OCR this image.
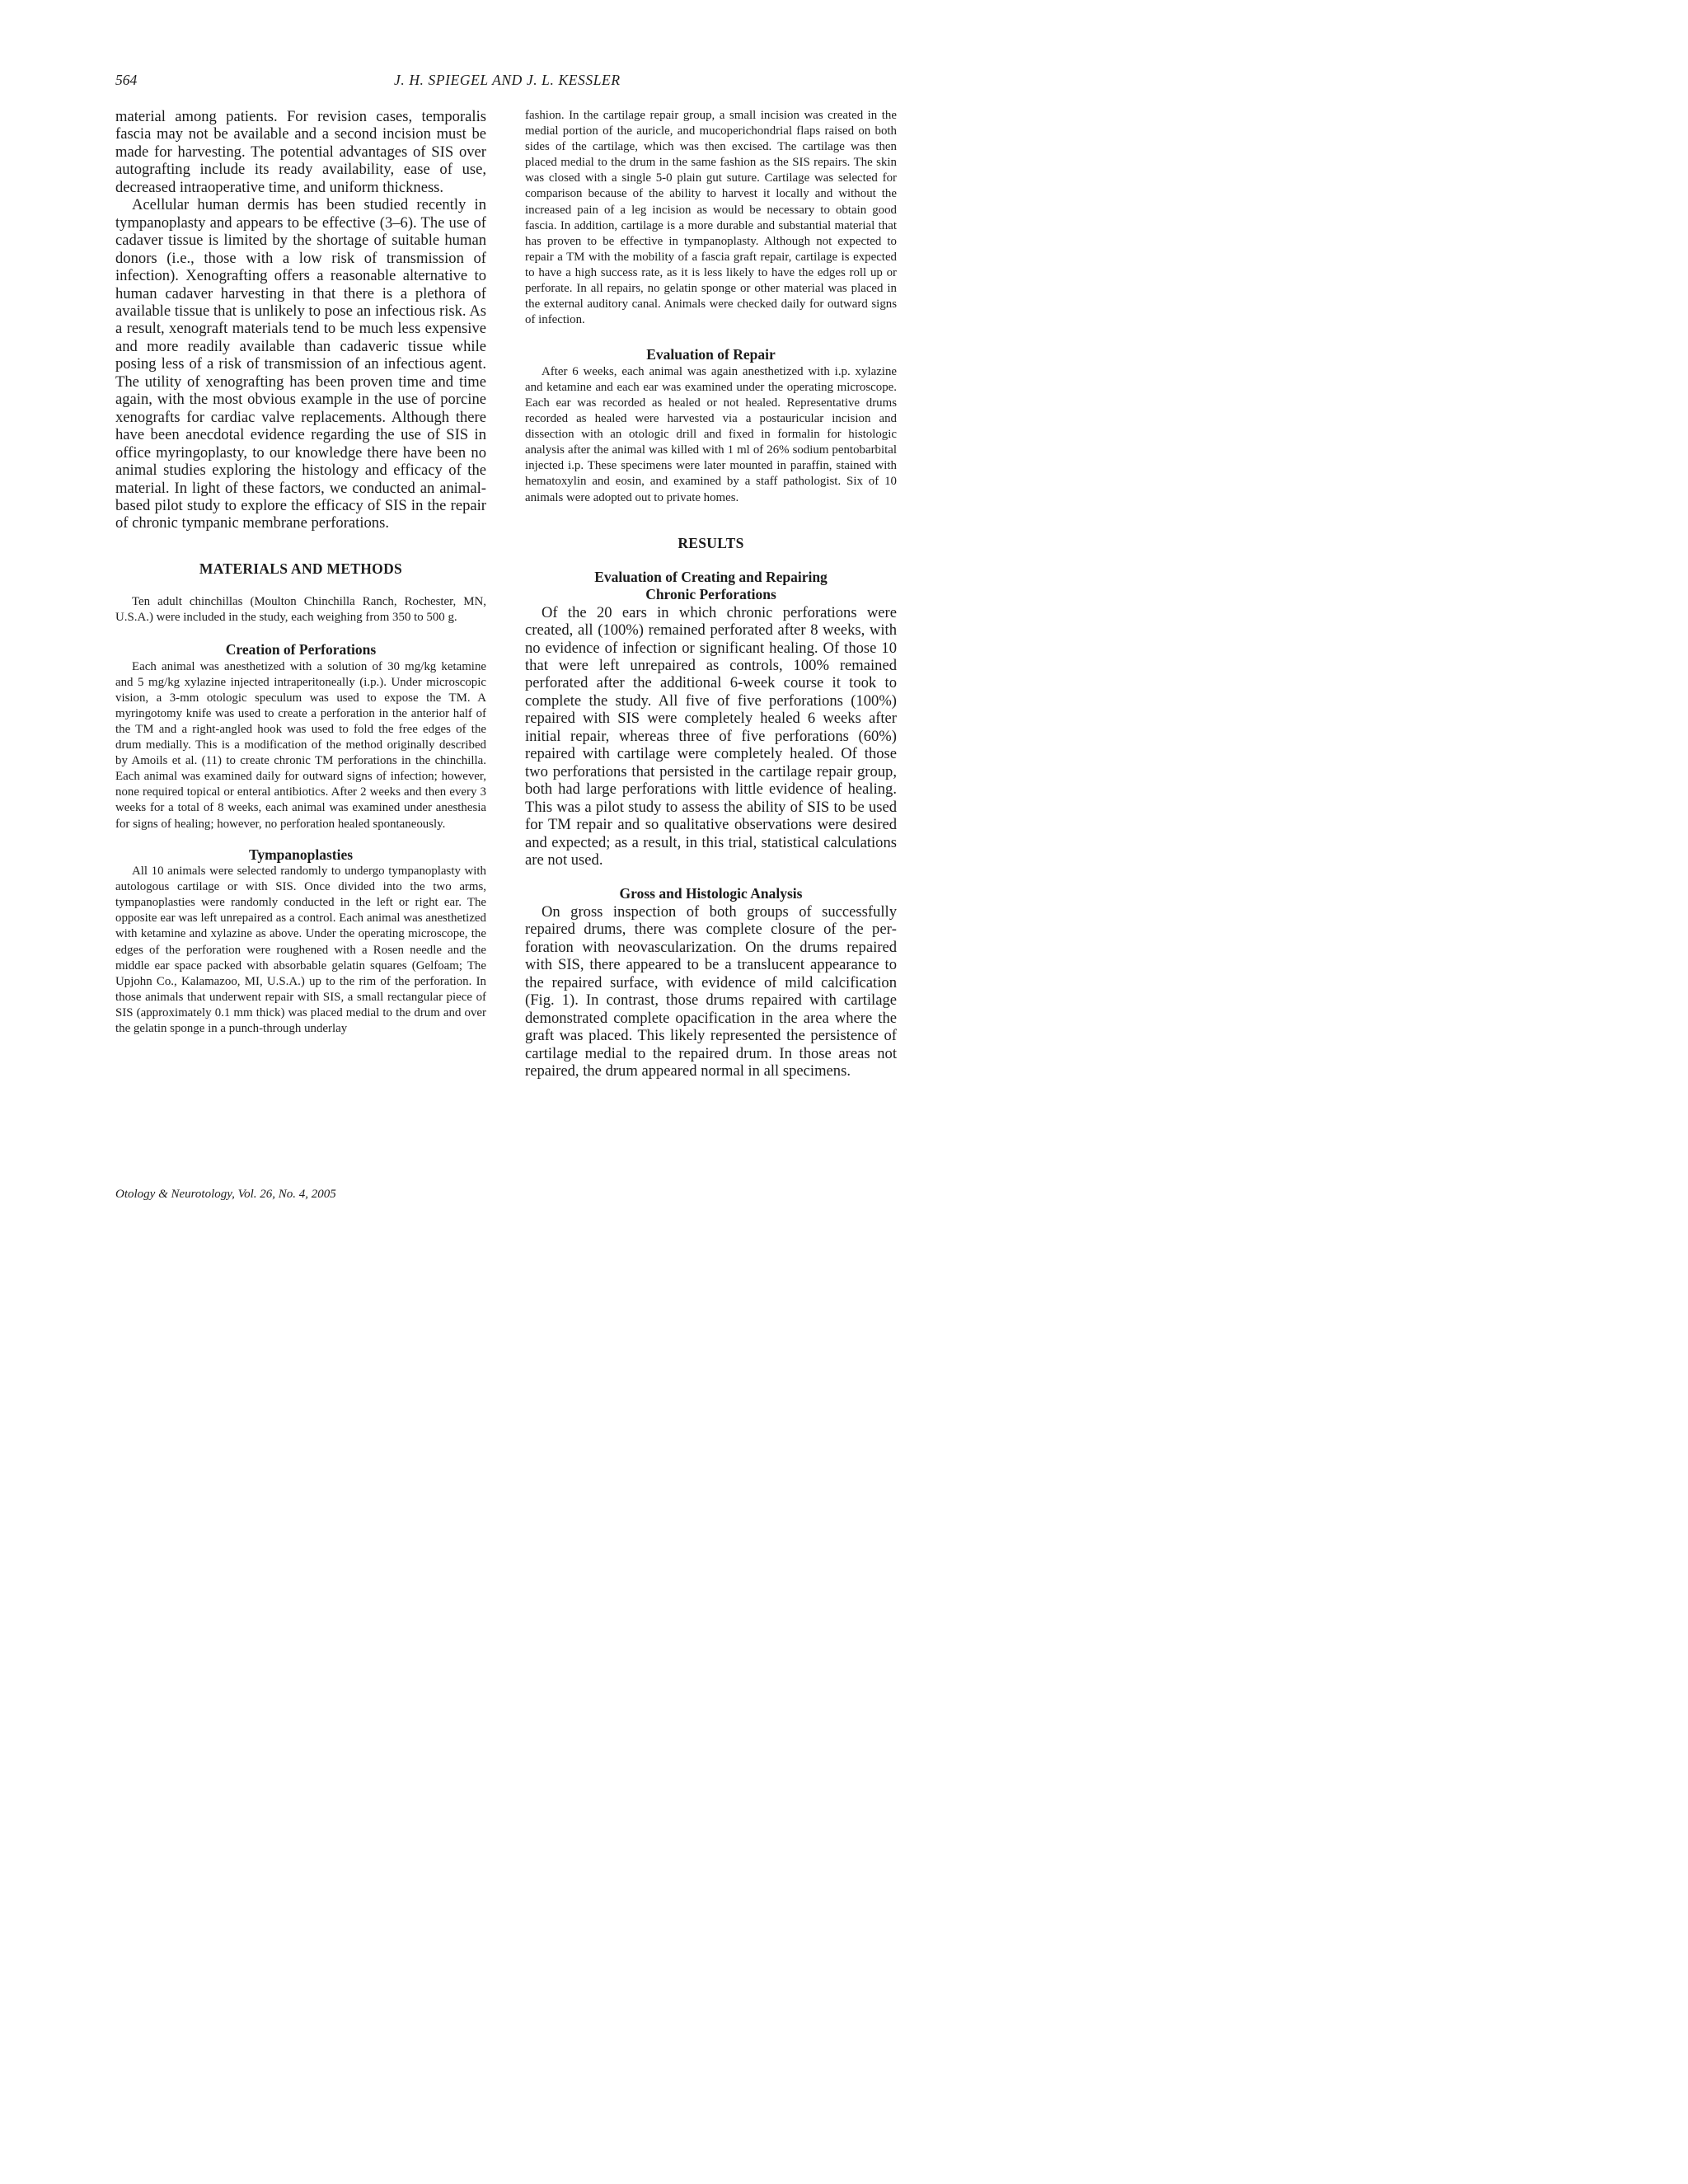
564	J. H. SPIEGEL AND J. L. KESSLER

material among patients. For revision cases, temporalis fascia may not be available and a second incision must be made for harvesting. The potential advantages of SIS over autografting include its ready availability, ease of use, decreased intraoperative time, and uniform thickness.

Acellular human dermis has been studied recently in tympanoplasty and appears to be effective (3–6). The use of cadaver tissue is limited by the shortage of suitable human donors (i.e., those with a low risk of transmission of infection). Xenografting offers a reasonable alternative to human cadaver harvesting in that there is a plethora of available tissue that is unlikely to pose an infectious risk. As a result, xenograft materials tend to be much less expensive and more readily available than cadaveric tissue while posing less of a risk of transmission of an infectious agent. The utility of xenografting has been proven time and time again, with the most obvious example in the use of porcine xenografts for cardiac valve replacements. Although there have been anecdotal evidence regarding the use of SIS in office myringoplasty, to our knowledge there have been no animal studies exploring the histology and efficacy of the material. In light of these factors, we conducted an animal-based pilot study to explore the efficacy of SIS in the repair of chronic tympanic membrane perforations.

MATERIALS AND METHODS

Ten adult chinchillas (Moulton Chinchilla Ranch, Rochester, MN, U.S.A.) were included in the study, each weighing from 350 to 500 g.

Creation of Perforations

Each animal was anesthetized with a solution of 30 mg/kg ketamine and 5 mg/kg xylazine injected intraperitoneally (i.p.). Under microscopic vision, a 3-mm otologic speculum was used to expose the TM. A myringotomy knife was used to create a perforation in the anterior half of the TM and a right-angled hook was used to fold the free edges of the drum medially. This is a modification of the method originally described by Amoils et al. (11) to create chronic TM perforations in the chinchilla. Each animal was examined daily for outward signs of infection; however, none required topical or enteral antibiotics. After 2 weeks and then every 3 weeks for a total of 8 weeks, each animal was examined under anesthesia for signs of healing; however, no perforation healed spontaneously.

Tympanoplasties

All 10 animals were selected randomly to undergo tympanoplasty with autologous cartilage or with SIS. Once divided into the two arms, tympanoplasties were randomly conducted in the left or right ear. The opposite ear was left unrepaired as a control. Each animal was anesthetized with ketamine and xylazine as above. Under the operating microscope, the edges of the perforation were roughened with a Rosen needle and the middle ear space packed with absorbable gelatin squares (Gelfoam; The Upjohn Co., Kalamazoo, MI, U.S.A.) up to the rim of the perforation. In those animals that underwent repair with SIS, a small rectangular piece of SIS (approximately 0.1 mm thick) was placed medial to the drum and over the gelatin sponge in a punch-through underlay

fashion. In the cartilage repair group, a small incision was created in the medial portion of the auricle, and mucoperichondrial flaps raised on both sides of the cartilage, which was then excised. The cartilage was then placed medial to the drum in the same fashion as the SIS repairs. The skin was closed with a single 5-0 plain gut suture. Cartilage was selected for comparison because of the ability to harvest it locally and without the increased pain of a leg incision as would be necessary to obtain good fascia. In addition, cartilage is a more durable and substantial material that has proven to be effective in tympanoplasty. Although not expected to repair a TM with the mobility of a fascia graft repair, cartilage is expected to have a high success rate, as it is less likely to have the edges roll up or perforate. In all repairs, no gelatin sponge or other material was placed in the external auditory canal. Animals were checked daily for outward signs of infection.

Evaluation of Repair

After 6 weeks, each animal was again anesthetized with i.p. xylazine and ketamine and each ear was examined under the operating microscope. Each ear was recorded as healed or not healed. Representative drums recorded as healed were harvested via a postauricular incision and dissection with an otologic drill and fixed in formalin for histologic analysis after the animal was killed with 1 ml of 26% sodium pentobarbital injected i.p. These specimens were later mounted in paraffin, stained with hematoxylin and eosin, and examined by a staff pathologist. Six of 10 animals were adopted out to private homes.

RESULTS

Evaluation of Creating and Repairing

Chronic Perforations

Of the 20 ears in which chronic perforations were created, all (100%) remained perforated after 8 weeks, with no evidence of infection or significant healing. Of those 10 that were left unrepaired as controls, 100% remained perforated after the additional 6-week course it took to complete the study. All five of five perforations (100%) repaired with SIS were completely healed 6 weeks after initial repair, whereas three of five perforations (60%) repaired with cartilage were completely healed. Of those two perforations that persisted in the cartilage repair group, both had large perforations with little evidence of healing. This was a pilot study to assess the ability of SIS to be used for TM repair and so qualitative observations were desired and expected; as a result, in this trial, statistical calculations are not used.

Gross and Histologic Analysis

On gross inspection of both groups of successfully repaired drums, there was complete closure of the perforation with neovascularization. On the drums repaired with SIS, there appeared to be a translucent appearance to the repaired surface, with evidence of mild calcification (Fig. 1). In contrast, those drums repaired with cartilage demonstrated complete opacification in the area where the graft was placed. This likely represented the persistence of cartilage medial to the repaired drum. In those areas not repaired, the drum appeared normal in all specimens.

Otology & Neurotology, Vol. 26, No. 4, 2005
